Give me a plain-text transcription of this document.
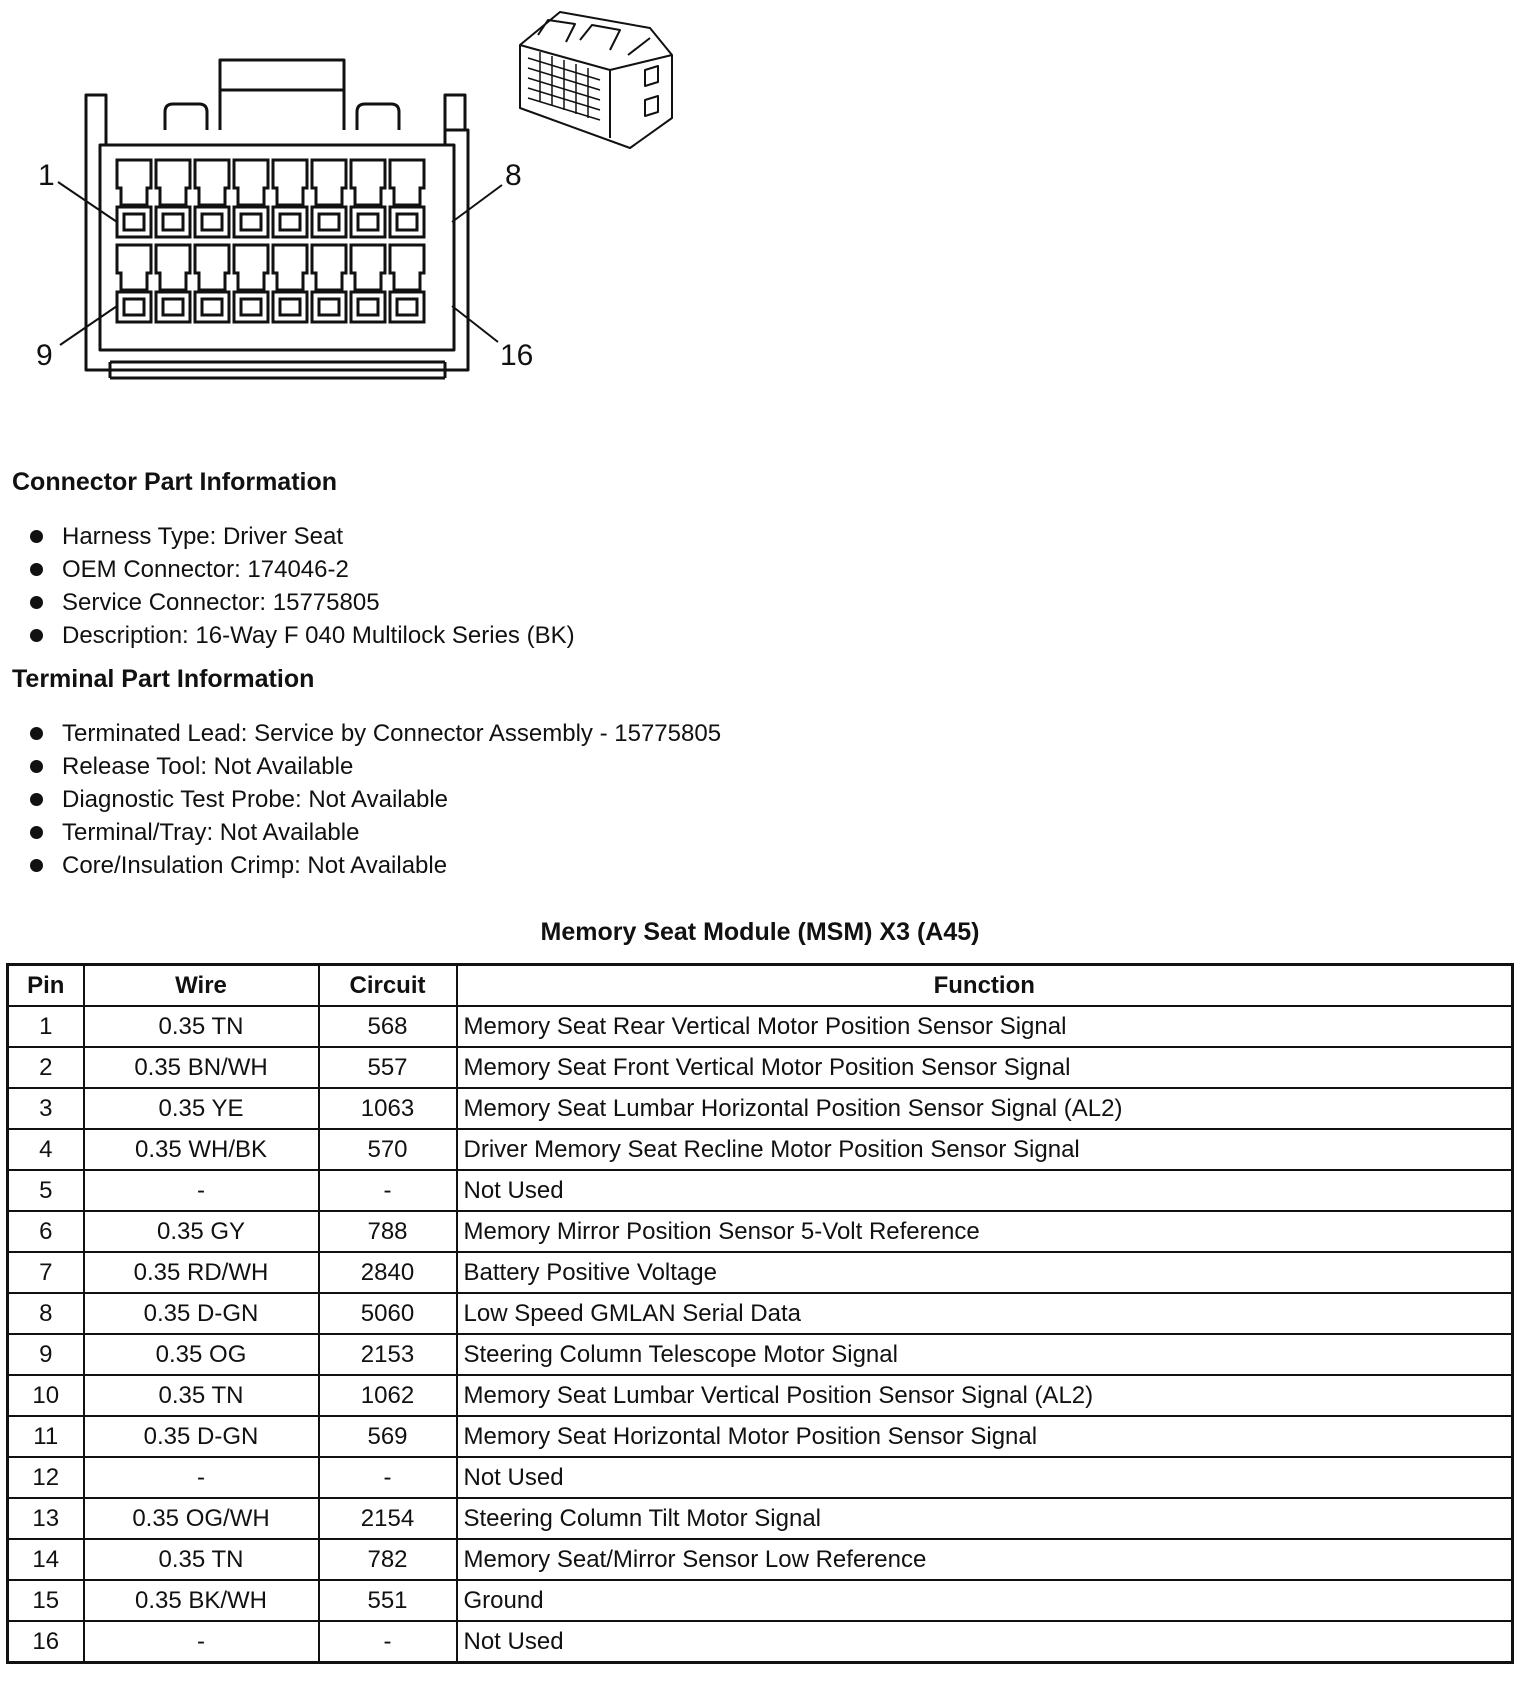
1	8
9	16
Connector Part Information
Harness Type: Driver Seat
OEM Connector: 174046-2
Service Connector: 15775805
Description: 16-Way F 040 Multilock Series (BK)
Terminal Part Information
Terminated Lead: Service by Connector Assembly - 15775805
Release Tool: Not Available
Diagnostic Test Probe: Not Available
Terminal/Tray: Not Available
Core/Insulation Crimp: Not Available
Memory Seat Module (MSM) X3 (A45)
Pin	Wire	Circuit	Function
1	0.35 TN	568	Memory Seat Rear Vertical Motor Position Sensor Signal
2	0.35 BN/WH	557	Memory Seat Front Vertical Motor Position Sensor Signal
3	0.35 YE	1063	Memory Seat Lumbar Horizontal Position Sensor Signal (AL2)
4	0.35 WH/BK	570	Driver Memory Seat Recline Motor Position Sensor Signal
5	-	-	Not Used
6	0.35 GY	788	Memory Mirror Position Sensor 5-Volt Reference
7	0.35 RD/WH	2840	Battery Positive Voltage
8	0.35 D-GN	5060	Low Speed GMLAN Serial Data
9	0.35 OG	2153	Steering Column Telescope Motor Signal
10	0.35 TN	1062	Memory Seat Lumbar Vertical Position Sensor Signal (AL2)
11	0.35 D-GN	569	Memory Seat Horizontal Motor Position Sensor Signal
12	-	-	Not Used
13	0.35 OG/WH	2154	Steering Column Tilt Motor Signal
14	0.35 TN	782	Memory Seat/Mirror Sensor Low Reference
15	0.35 BK/WH	551	Ground
16	-	-	Not Used
